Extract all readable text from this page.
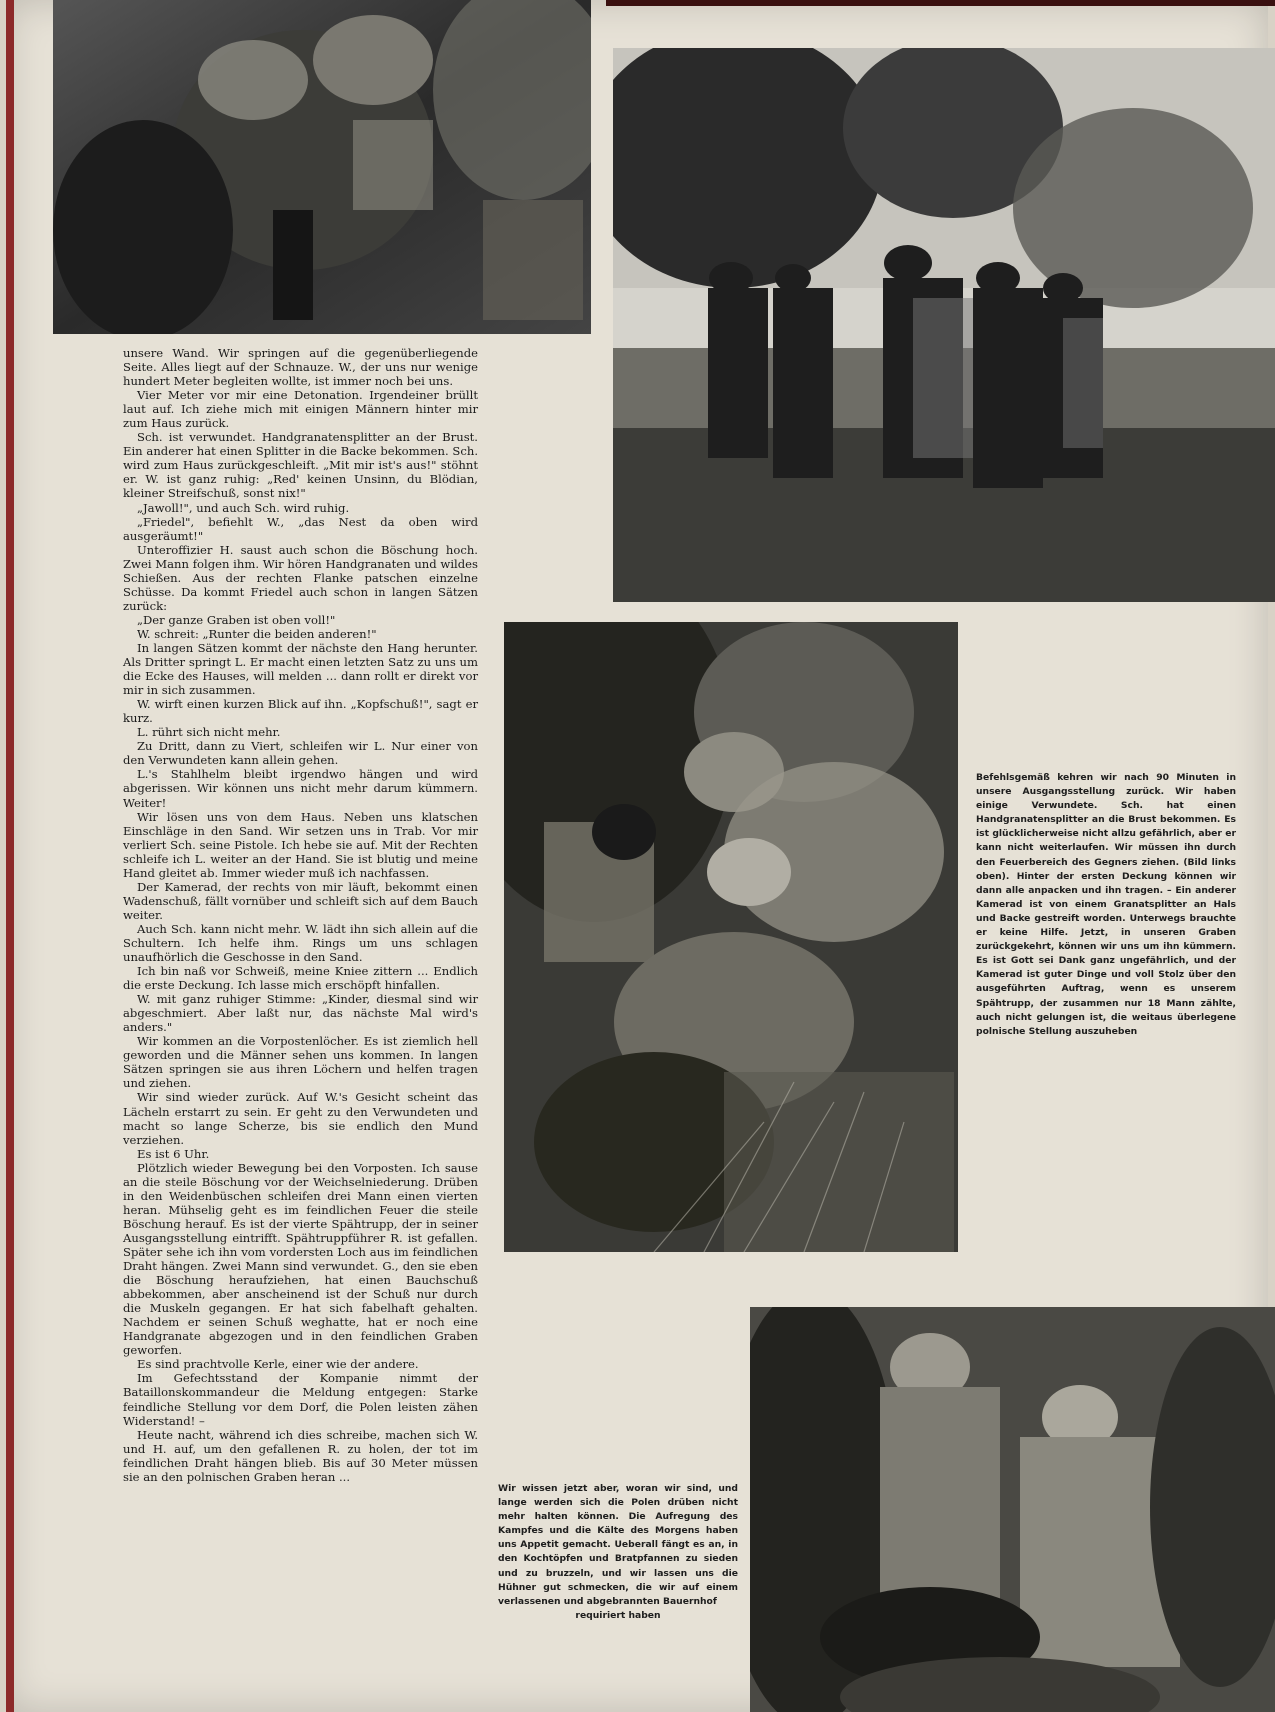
unsere Wand. Wir springen auf die gegenüberliegende Seite. Alles liegt auf der Schnauze. W., der uns nur wenige hundert Meter begleiten wollte, ist immer noch bei uns.

Vier Meter vor mir eine Detonation. Irgendeiner brüllt laut auf. Ich ziehe mich mit einigen Männern hinter mir zum Haus zurück.

Sch. ist verwundet. Handgranatensplitter an der Brust. Ein anderer hat einen Splitter in die Backe bekommen. Sch. wird zum Haus zurückgeschleift. „Mit mir ist's aus!" stöhnt er. W. ist ganz ruhig: „Red' keinen Unsinn, du Blödian, kleiner Streifschuß, sonst nix!"

„Jawoll!", und auch Sch. wird ruhig.

„Friedel", befiehlt W., „das Nest da oben wird ausgeräumt!"

Unteroffizier H. saust auch schon die Böschung hoch. Zwei Mann folgen ihm. Wir hören Handgranaten und wildes Schießen. Aus der rechten Flanke patschen einzelne Schüsse. Da kommt Friedel auch schon in langen Sätzen zurück:

„Der ganze Graben ist oben voll!"

W. schreit: „Runter die beiden anderen!"

In langen Sätzen kommt der nächste den Hang herunter. Als Dritter springt L. Er macht einen letzten Satz zu uns um die Ecke des Hauses, will melden ... dann rollt er direkt vor mir in sich zusammen.

W. wirft einen kurzen Blick auf ihn. „Kopfschuß!", sagt er kurz.

L. rührt sich nicht mehr.

Zu Dritt, dann zu Viert, schleifen wir L. Nur einer von den Verwundeten kann allein gehen.

L.'s Stahlhelm bleibt irgendwo hängen und wird abgerissen. Wir können uns nicht mehr darum kümmern. Weiter!

Wir lösen uns von dem Haus. Neben uns klatschen Einschläge in den Sand. Wir setzen uns in Trab. Vor mir verliert Sch. seine Pistole. Ich hebe sie auf. Mit der Rechten schleife ich L. weiter an der Hand. Sie ist blutig und meine Hand gleitet ab. Immer wieder muß ich nachfassen.

Der Kamerad, der rechts von mir läuft, bekommt einen Wadenschuß, fällt vornüber und schleift sich auf dem Bauch weiter.

Auch Sch. kann nicht mehr. W. lädt ihn sich allein auf die Schultern. Ich helfe ihm. Rings um uns schlagen unaufhörlich die Geschosse in den Sand.

Ich bin naß vor Schweiß, meine Kniee zittern ... Endlich die erste Deckung. Ich lasse mich erschöpft hinfallen.

W. mit ganz ruhiger Stimme: „Kinder, diesmal sind wir abgeschmiert. Aber laßt nur, das nächste Mal wird's anders."

Wir kommen an die Vorpostenlöcher. Es ist ziemlich hell geworden und die Männer sehen uns kommen. In langen Sätzen springen sie aus ihren Löchern und helfen tragen und ziehen.

Wir sind wieder zurück. Auf W.'s Gesicht scheint das Lächeln erstarrt zu sein. Er geht zu den Verwundeten und macht so lange Scherze, bis sie endlich den Mund verziehen.

Es ist 6 Uhr.

Plötzlich wieder Bewegung bei den Vorposten. Ich sause an die steile Böschung vor der Weichselniederung. Drüben in den Weidenbüschen schleifen drei Mann einen vierten heran. Mühselig geht es im feindlichen Feuer die steile Böschung herauf. Es ist der vierte Spähtrupp, der in seiner Ausgangsstellung eintrifft. Spähtruppführer R. ist gefallen. Später sehe ich ihn vom vordersten Loch aus im feindlichen Draht hängen. Zwei Mann sind verwundet. G., den sie eben die Böschung heraufziehen, hat einen Bauchschuß abbekommen, aber anscheinend ist der Schuß nur durch die Muskeln gegangen. Er hat sich fabelhaft gehalten. Nachdem er seinen Schuß weghatte, hat er noch eine Handgranate abgezogen und in den feindlichen Graben geworfen.

Es sind prachtvolle Kerle, einer wie der andere.

Im Gefechtsstand der Kompanie nimmt der Bataillonskommandeur die Meldung entgegen: Starke feindliche Stellung vor dem Dorf, die Polen leisten zähen Widerstand! –

Heute nacht, während ich dies schreibe, machen sich W. und H. auf, um den gefallenen R. zu holen, der tot im feindlichen Draht hängen blieb. Bis auf 30 Meter müssen sie an den polnischen Graben heran ...

Befehlsgemäß kehren wir nach 90 Minuten in unsere Ausgangsstellung zurück. Wir haben einige Verwundete. Sch. hat einen Handgranatensplitter an die Brust bekommen. Es ist glücklicherweise nicht allzu gefährlich, aber er kann nicht weiterlaufen. Wir müssen ihn durch den Feuerbereich des Gegners ziehen. (Bild links oben). Hinter der ersten Deckung können wir dann alle anpacken und ihn tragen. – Ein anderer Kamerad ist von einem Granatsplitter an Hals und Backe gestreift worden. Unterwegs brauchte er keine Hilfe. Jetzt, in unseren Graben zurückgekehrt, können wir uns um ihn kümmern. Es ist Gott sei Dank ganz ungefährlich, und der Kamerad ist guter Dinge und voll Stolz über den ausgeführten Auftrag, wenn es unserem Spähtrupp, der zusammen nur 18 Mann zählte, auch nicht gelungen ist, die weitaus überlegene polnische Stellung auszuheben
Wir wissen jetzt aber, woran wir sind, und lange werden sich die Polen drüben nicht mehr halten können. Die Aufregung des Kampfes und die Kälte des Morgens haben uns Appetit gemacht. Ueberall fängt es an, in den Kochtöpfen und Bratpfannen zu sieden und zu bruzzeln, und wir lassen uns die Hühner gut schmecken, die wir auf einem verlassenen und abgebrannten Bauernhof
requiriert haben
